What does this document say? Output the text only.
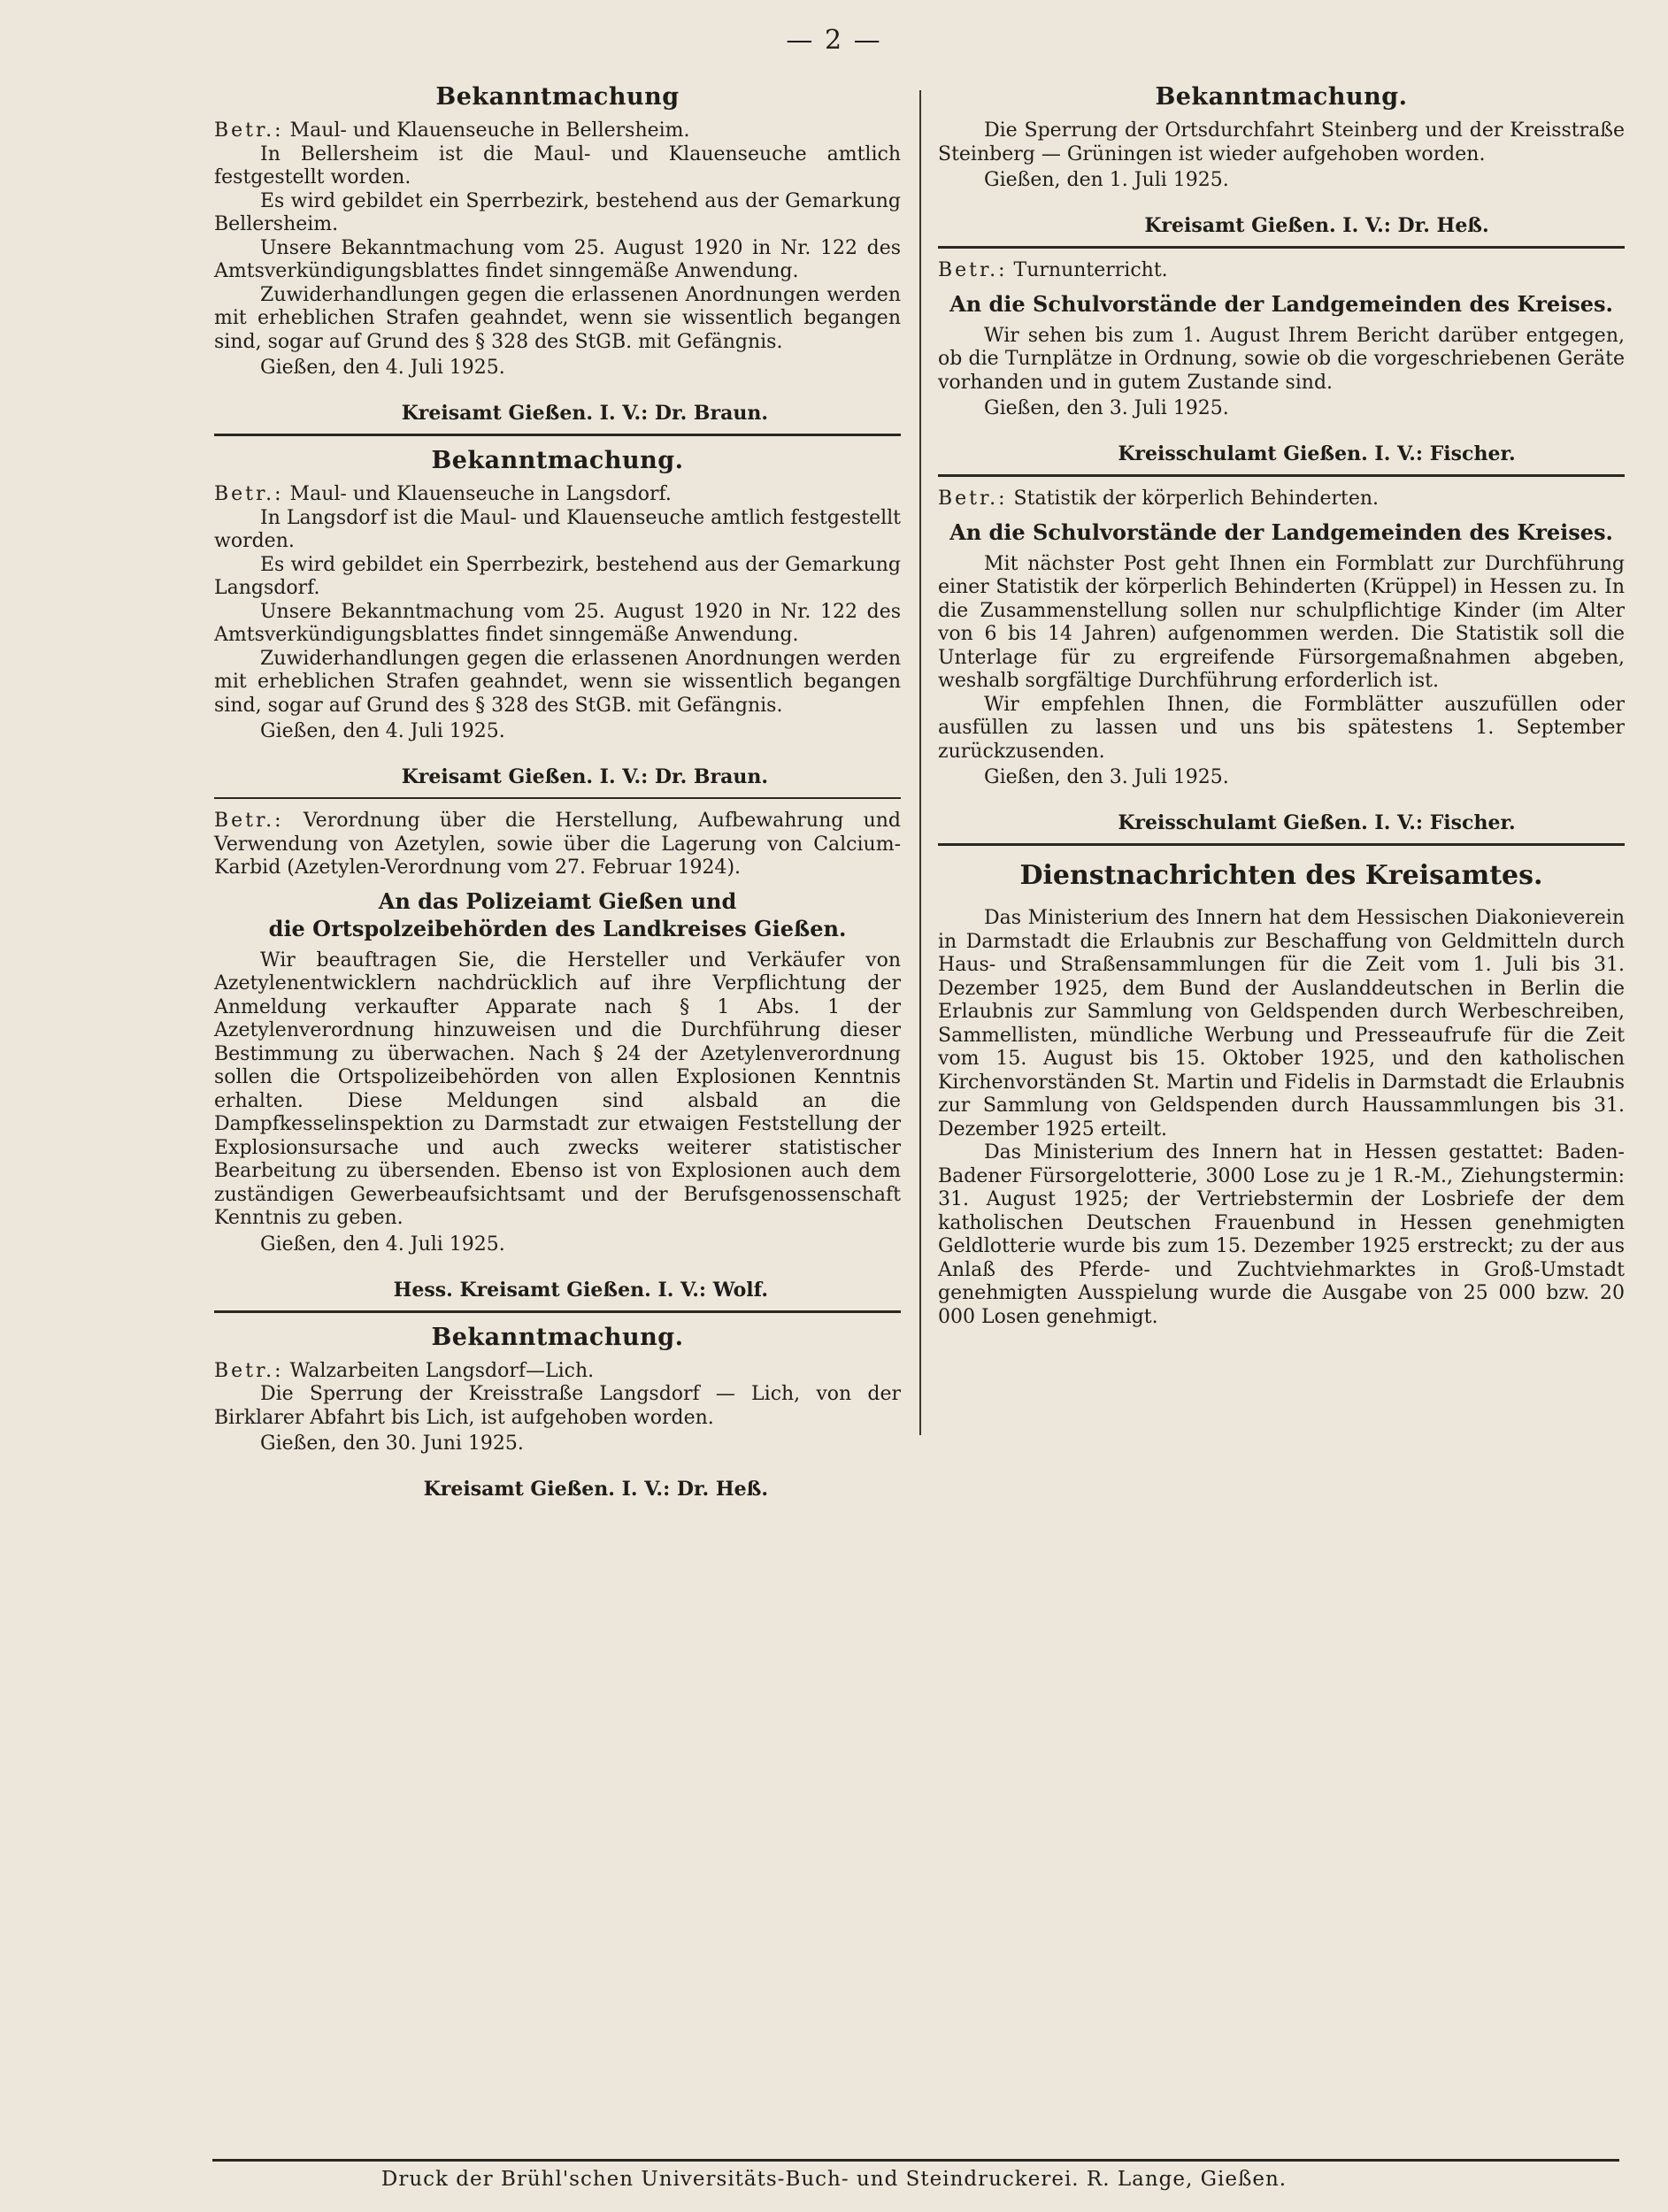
— 2 —
Bekanntmachung

Betr.: Maul- und Klauenseuche in Bellersheim.

In Bellersheim ist die Maul- und Klauenseuche amtlich festgestellt worden.

Es wird gebildet ein Sperrbezirk, bestehend aus der Gemarkung Bellersheim.

Unsere Bekanntmachung vom 25. August 1920 in Nr. 122 des Amtsverkündigungsblattes findet sinngemäße Anwendung.

Zuwiderhandlungen gegen die erlassenen Anordnungen werden mit erheblichen Strafen geahndet, wenn sie wissentlich begangen sind, sogar auf Grund des § 328 des StGB. mit Gefängnis.

Gießen, den 4. Juli 1925.

Kreisamt Gießen. I. V.: Dr. Braun.

Bekanntmachung.

Betr.: Maul- und Klauenseuche in Langsdorf.

In Langsdorf ist die Maul- und Klauenseuche amtlich festgestellt worden.

Es wird gebildet ein Sperrbezirk, bestehend aus der Gemarkung Langsdorf.

Unsere Bekanntmachung vom 25. August 1920 in Nr. 122 des Amtsverkündigungsblattes findet sinngemäße Anwendung.

Zuwiderhandlungen gegen die erlassenen Anordnungen werden mit erheblichen Strafen geahndet, wenn sie wissentlich begangen sind, sogar auf Grund des § 328 des StGB. mit Gefängnis.

Gießen, den 4. Juli 1925.

Kreisamt Gießen. I. V.: Dr. Braun.

Betr.: Verordnung über die Herstellung, Aufbewahrung und Verwendung von Azetylen, sowie über die Lagerung von Calcium-Karbid (Azetylen-Verordnung vom 27. Februar 1924).

An das Polizeiamt Gießen und
die Ortspolzeibehörden des Landkreises Gießen.

Wir beauftragen Sie, die Hersteller und Verkäufer von Azetylenentwicklern nachdrücklich auf ihre Verpflichtung der Anmeldung verkaufter Apparate nach § 1 Abs. 1 der Azetylenverordnung hinzuweisen und die Durchführung dieser Bestimmung zu überwachen. Nach § 24 der Azetylenverordnung sollen die Ortspolizeibehörden von allen Explosionen Kenntnis erhalten. Diese Meldungen sind alsbald an die Dampfkesselinspektion zu Darmstadt zur etwaigen Feststellung der Explosionsursache und auch zwecks weiterer statistischer Bearbeitung zu übersenden. Ebenso ist von Explosionen auch dem zuständigen Gewerbeaufsichtsamt und der Berufsgenossenschaft Kenntnis zu geben.

Gießen, den 4. Juli 1925.

Hess. Kreisamt Gießen. I. V.: Wolf.

Bekanntmachung.

Betr.: Walzarbeiten Langsdorf—Lich.

Die Sperrung der Kreisstraße Langsdorf — Lich, von der Birklarer Abfahrt bis Lich, ist aufgehoben worden.

Gießen, den 30. Juni 1925.

Kreisamt Gießen. I. V.: Dr. Heß.

Bekanntmachung.

Die Sperrung der Ortsdurchfahrt Steinberg und der Kreisstraße Steinberg — Grüningen ist wieder aufgehoben worden.

Gießen, den 1. Juli 1925.

Kreisamt Gießen. I. V.: Dr. Heß.

Betr.: Turnunterricht.

An die Schulvorstände der Landgemeinden des Kreises.

Wir sehen bis zum 1. August Ihrem Bericht darüber entgegen, ob die Turnplätze in Ordnung, sowie ob die vorgeschriebenen Geräte vorhanden und in gutem Zustande sind.

Gießen, den 3. Juli 1925.

Kreisschulamt Gießen. I. V.: Fischer.

Betr.: Statistik der körperlich Behinderten.

An die Schulvorstände der Landgemeinden des Kreises.

Mit nächster Post geht Ihnen ein Formblatt zur Durchführung einer Statistik der körperlich Behinderten (Krüppel) in Hessen zu. In die Zusammenstellung sollen nur schulpflichtige Kinder (im Alter von 6 bis 14 Jahren) aufgenommen werden. Die Statistik soll die Unterlage für zu ergreifende Fürsorgemaßnahmen abgeben, weshalb sorgfältige Durchführung erforderlich ist.

Wir empfehlen Ihnen, die Formblätter auszufüllen oder ausfüllen zu lassen und uns bis spätestens 1. September zurückzusenden.

Gießen, den 3. Juli 1925.

Kreisschulamt Gießen. I. V.: Fischer.

Dienstnachrichten des Kreisamtes.

Das Ministerium des Innern hat dem Hessischen Diakonieverein in Darmstadt die Erlaubnis zur Beschaffung von Geldmitteln durch Haus- und Straßensammlungen für die Zeit vom 1. Juli bis 31. Dezember 1925, dem Bund der Auslanddeutschen in Berlin die Erlaubnis zur Sammlung von Geldspenden durch Werbeschreiben, Sammellisten, mündliche Werbung und Presseaufrufe für die Zeit vom 15. August bis 15. Oktober 1925, und den katholischen Kirchenvorständen St. Martin und Fidelis in Darmstadt die Erlaubnis zur Sammlung von Geldspenden durch Haussammlungen bis 31. Dezember 1925 erteilt.

Das Ministerium des Innern hat in Hessen gestattet: Baden-Badener Fürsorgelotterie, 3000 Lose zu je 1 R.-M., Ziehungstermin: 31. August 1925; der Vertriebstermin der Losbriefe der dem katholischen Deutschen Frauenbund in Hessen genehmigten Geldlotterie wurde bis zum 15. Dezember 1925 erstreckt; zu der aus Anlaß des Pferde- und Zuchtviehmarktes in Groß-Umstadt genehmigten Ausspielung wurde die Ausgabe von 25 000 bzw. 20 000 Losen genehmigt.

Druck der Brühl'schen Universitäts-Buch- und Steindruckerei. R. Lange, Gießen.
